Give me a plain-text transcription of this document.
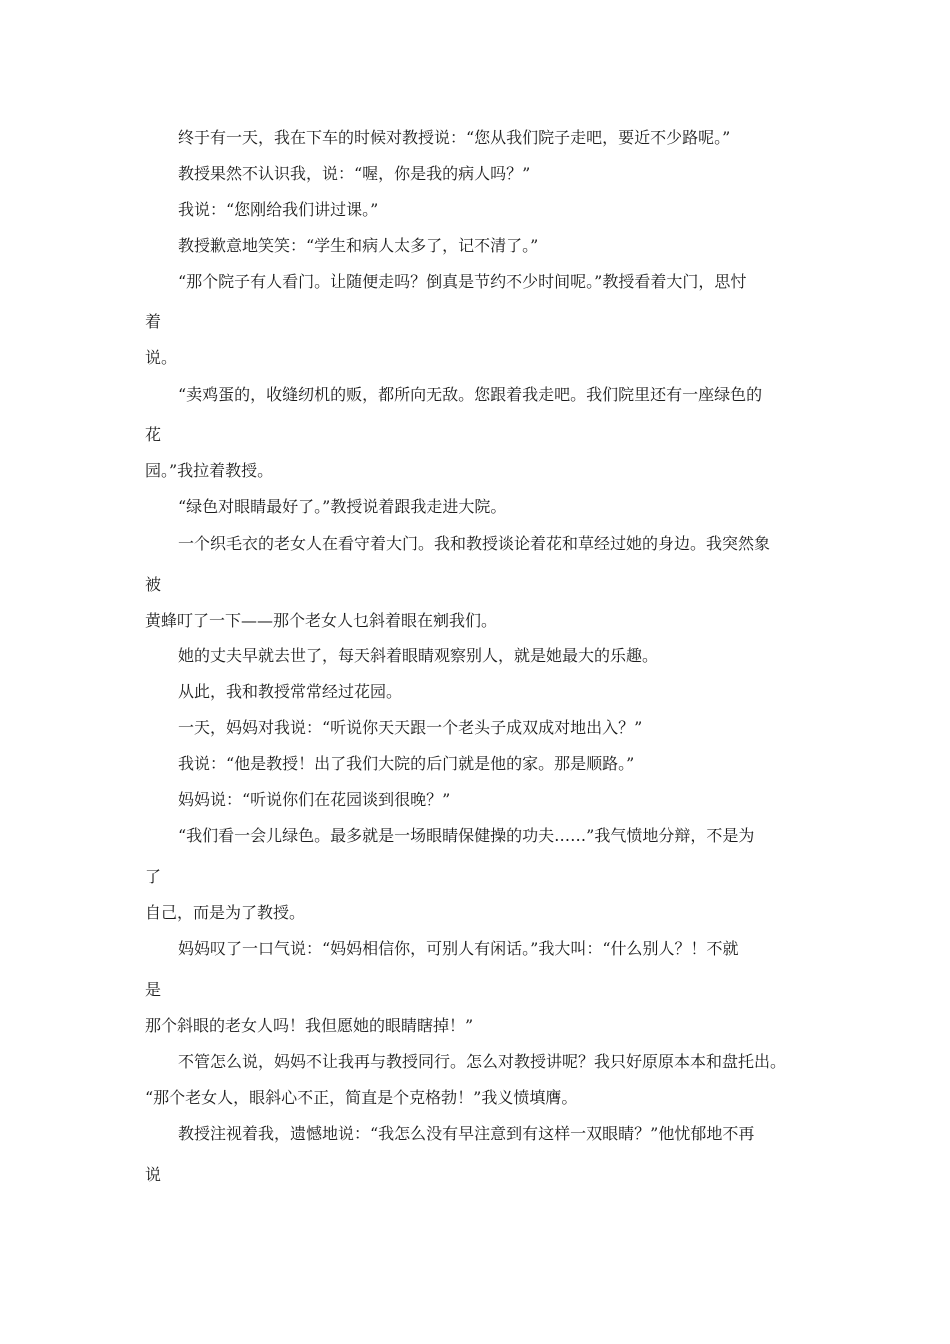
终于有一天，我在下车的时候对教授说：“您从我们院子走吧，要近不少路呢。”
教授果然不认识我，说：“喔，你是我的病人吗？”
我说：“您刚给我们讲过课。”
教授歉意地笑笑：“学生和病人太多了，记不清了。”
“那个院子有人看门。让随便走吗？倒真是节约不少时间呢。”教授看着大门，思忖
着
说。
“卖鸡蛋的，收缝纫机的贩，都所向无敌。您跟着我走吧。我们院里还有一座绿色的
花
园。”我拉着教授。
“绿色对眼睛最好了。”教授说着跟我走进大院。
一个织毛衣的老女人在看守着大门。我和教授谈论着花和草经过她的身边。我突然象
被
黄蜂叮了一下——那个老女人乜斜着眼在剜我们。
她的丈夫早就去世了，每天斜着眼睛观察别人，就是她最大的乐趣。
从此，我和教授常常经过花园。
一天，妈妈对我说：“听说你天天跟一个老头子成双成对地出入？”
我说：“他是教授！出了我们大院的后门就是他的家。那是顺路。”
妈妈说：“听说你们在花园谈到很晚？”
“我们看一会儿绿色。最多就是一场眼睛保健操的功夫……”我气愤地分辩，不是为
了
自己，而是为了教授。
妈妈叹了一口气说：“妈妈相信你，可别人有闲话。”我大叫：“什么别人？！不就
是
那个斜眼的老女人吗！我但愿她的眼睛瞎掉！”
不管怎么说，妈妈不让我再与教授同行。怎么对教授讲呢？我只好原原本本和盘托出。
“那个老女人，眼斜心不正，简直是个克格勃！”我义愤填膺。
教授注视着我，遗憾地说：“我怎么没有早注意到有这样一双眼睛？”他忧郁地不再
说
